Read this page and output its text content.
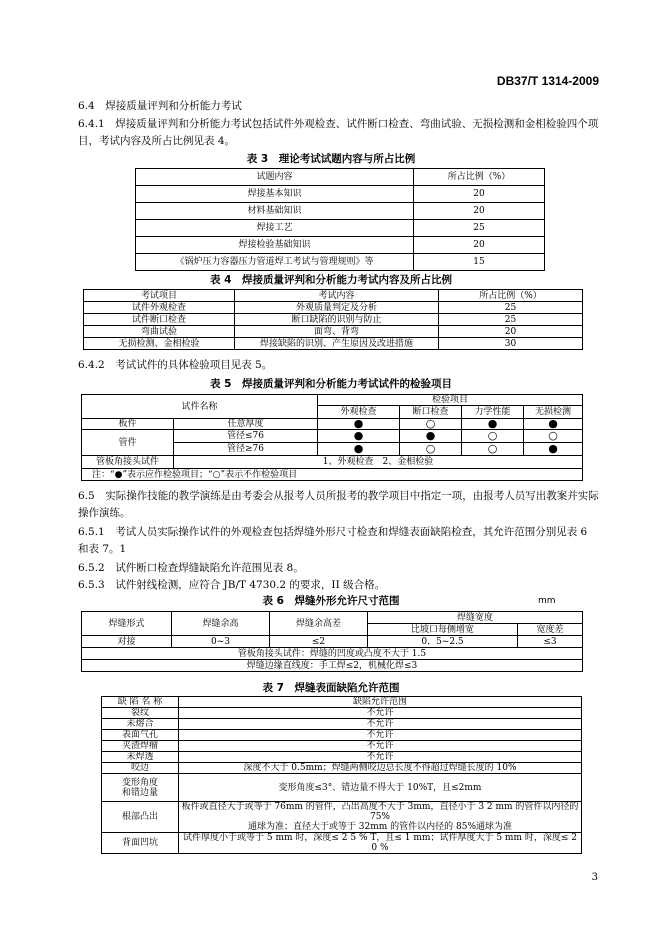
DB37/T 1314-2009
6.4　焊接质量评判和分析能力考试
6.4.1　焊接质量评判和分析能力考试包括试件外观检查、试件断口检查、弯曲试验、无损检测和金相检验四个项目，考试内容及所占比例见表 4。
表 3　理论考试试题内容与所占比例
试题内容	所占比例（%）
焊接基本知识	20
材料基础知识	20
焊接工艺	25
焊接检验基础知识	20
《锅炉压力容器压力管道焊工考试与管理规则》等	15
表 4　焊接质量评判和分析能力考试内容及所占比例
考试项目	考试内容	所占比例（%）
试件外观检查	外观质量判定及分析	25
试件断口检查	断口缺陷的识别与防止	25
弯曲试验	面弯、背弯	20
无损检测、金相检验	焊接缺陷的识别、产生原因及改进措施	30
6.4.2　考试试件的具体检验项目见表 5。
表 5　焊接质量评判和分析能力考试试件的检验项目
试件名称		检验项目			
		外观检查	断口检查	力学性能	无损检测
板件	任意厚度	●	○	●	●
管件	管径≤76	●	●	○	○
	管径≥76	●	○	○	●
管板角接头试件	1、外观检查　2、金相检验				
注：“●”表示应作检验项目；“○”表示不作检验项目					
6.5　实际操作技能的教学演练是由考委会从报考人员所报考的教学项目中指定一项，由报考人员写出教案并实际操作演练。
6.5.1　考试人员实际操作试件的外观检查包括焊缝外形尺寸检查和焊缝表面缺陷检查，其允许范围分别见表 6 和表 7。1
6.5.2　试件断口检查焊缝缺陷允许范围见表 8。
6.5.3　试件射线检测，应符合 JB/T 4730.2 的要求，II 级合格。
表 6　焊缝外形允许尺寸范围	mm
焊缝形式	焊缝余高	焊缝余高差	焊缝宽度	
			比坡口每侧增宽	宽度差
对接	0~3	≤2	0．5~2.5	≤3
管板角接头试件：焊缝的凹度或凸度不大于 1.5				
焊缝边缘直线度：手工焊≤2，机械化焊≤3				
表 7　焊缝表面缺陷允许范围
缺 陷 名 称	缺陷允许范围
裂纹	不允许
未熔合	不允许
表面气孔	不允许
夹渣焊瘤	不允许
未焊透	不允许
咬边	深度不大于 0.5mm；焊缝两侧咬边总长度不得超过焊缝长度的 10%

变形角度
和错边量	变形角度≤3°、错边量不得大于 10%T，且≤2mm
根部凸出	板件或直径大于或等于 76mm 的管件，凸出高度不大于 3mm，直径小于 3 2 mm 的管件以内径的 75%
通球为准；直径大于或等于 32mm 的管件以内径的 85%通球为准

背面凹坑	试件厚度小于或等于 5 mm 时，深度≤ 2 5 % T，且≤ 1 mm；试件厚度大于 5 mm 时，深度≤ 2 0 %
3
